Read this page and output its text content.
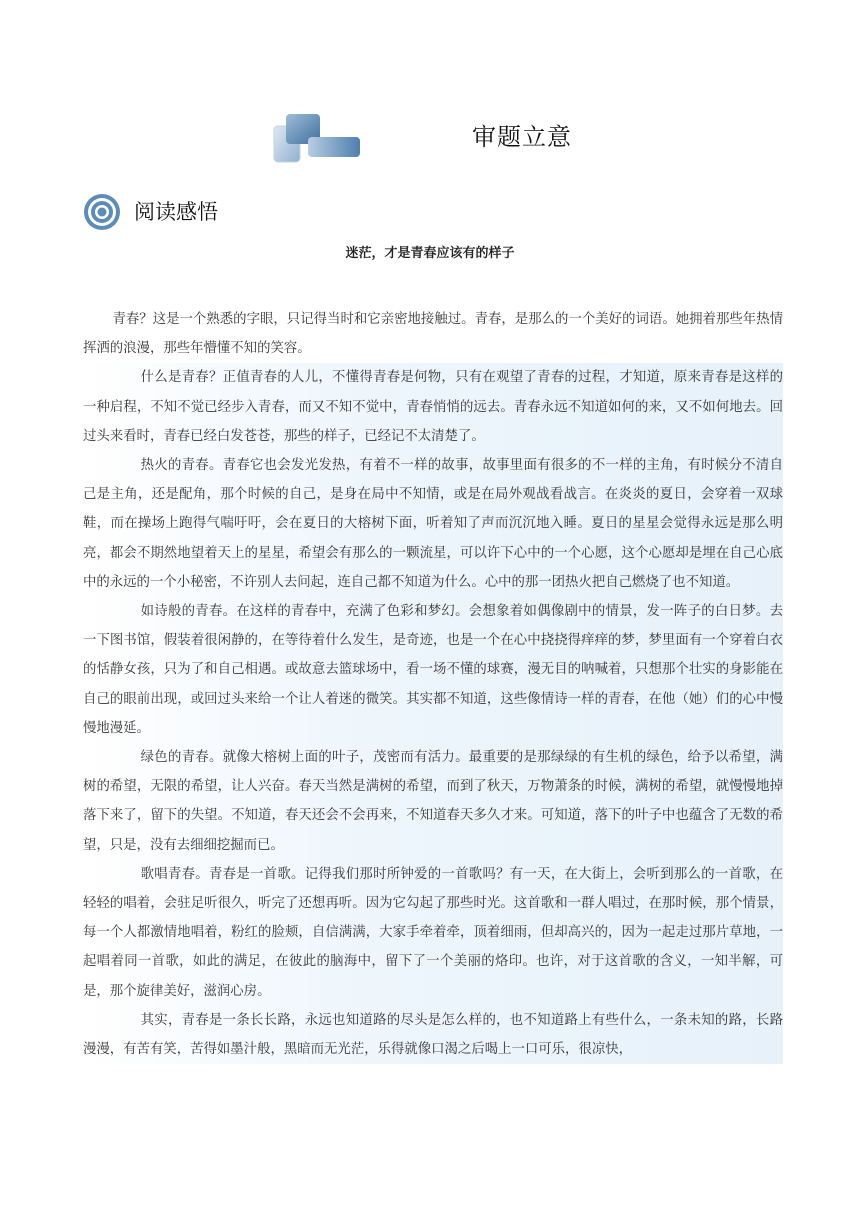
审题立意
阅读感悟
迷茫，才是青春应该有的样子

青春？这是一个熟悉的字眼，只记得当时和它亲密地接触过。青春，是那么的一个美好的词语。她拥着那些年热情挥洒的浪漫，那些年懵懂不知的笑容。

什么是青春？正值青春的人儿，不懂得青春是何物，只有在观望了青春的过程，才知道，原来青春是这样的一种启程，不知不觉已经步入青春，而又不知不觉中，青春悄悄的远去。青春永远不知道如何的来，又不如何地去。回过头来看时，青春已经白发苍苍，那些的样子，已经记不太清楚了。

热火的青春。青春它也会发光发热，有着不一样的故事，故事里面有很多的不一样的主角，有时候分不清自己是主角，还是配角，那个时候的自己，是身在局中不知情，或是在局外观战看战言。在炎炎的夏日，会穿着一双球鞋，而在操场上跑得气喘吁吁，会在夏日的大榕树下面，听着知了声而沉沉地入睡。夏日的星星会觉得永远是那么明亮，都会不期然地望着天上的星星，希望会有那么的一颗流星，可以许下心中的一个心愿，这个心愿却是埋在自己心底中的永远的一个小秘密，不许别人去问起，连自己都不知道为什么。心中的那一团热火把自己燃烧了也不知道。

如诗般的青春。在这样的青春中，充满了色彩和梦幻。会想象着如偶像剧中的情景，发一阵子的白日梦。去一下图书馆，假装着很闲静的，在等待着什么发生，是奇迹，也是一个在心中挠挠得痒痒的梦，梦里面有一个穿着白衣的恬静女孩，只为了和自己相遇。或故意去篮球场中，看一场不懂的球赛，漫无目的呐喊着，只想那个壮实的身影能在自己的眼前出现，或回过头来给一个让人着迷的微笑。其实都不知道，这些像情诗一样的青春，在他（她）们的心中慢慢地漫延。

绿色的青春。就像大榕树上面的叶子，茂密而有活力。最重要的是那绿绿的有生机的绿色，给予以希望，满树的希望，无限的希望，让人兴奋。春天当然是满树的希望，而到了秋天，万物萧条的时候，满树的希望，就慢慢地掉落下来了，留下的失望。不知道，春天还会不会再来，不知道春天多久才来。可知道，落下的叶子中也蕴含了无数的希望，只是，没有去细细挖掘而已。

歌唱青春。青春是一首歌。记得我们那时所钟爱的一首歌吗？有一天，在大街上，会听到那么的一首歌，在轻轻的唱着，会驻足听很久，听完了还想再听。因为它勾起了那些时光。这首歌和一群人唱过，在那时候，那个情景，每一个人都激情地唱着，粉红的脸颊，自信满满，大家手牵着牵，顶着细雨，但却高兴的，因为一起走过那片草地，一起唱着同一首歌，如此的满足，在彼此的脑海中，留下了一个美丽的烙印。也许，对于这首歌的含义，一知半解，可是，那个旋律美好，滋润心房。

其实，青春是一条长长路，永远也知道路的尽头是怎么样的，也不知道路上有些什么，一条未知的路，长路漫漫，有苦有笑，苦得如墨汁般，黑暗而无光茫，乐得就像口渴之后喝上一口可乐，很凉快，
